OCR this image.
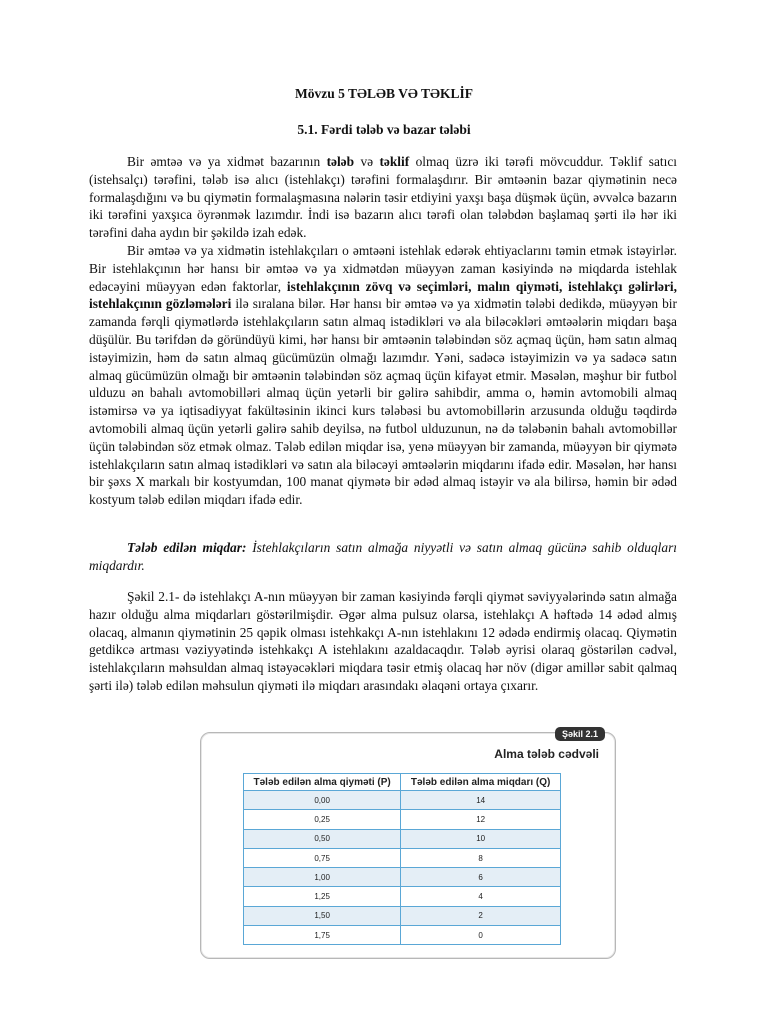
Mövzu 5 TƏLƏB VƏ TƏKLİF
5.1. Fərdi tələb və bazar tələbi

Bir əmtəə və ya xidmət bazarının tələb və təklif olmaq üzrə iki tərəfi mövcuddur. Təklif satıcı (istehsalçı) tərəfini, tələb isə alıcı (istehlakçı) tərəfini formalaşdırır. Bir əmtəənin bazar qiymətinin necə formalaşdığını və bu qiymətin formalaşmasına nələrin təsir etdiyini yaxşı başa düşmək üçün, əvvəlcə bazarın iki tərəfini yaxşıca öyrənmək lazımdır. İndi isə bazarın alıcı tərəfi olan tələbdən başlamaq şərti ilə hər iki tərəfini daha aydın bir şəkildə izah edək.

Bir əmtəə və ya xidmətin istehlakçıları o əmtəəni istehlak edərək ehtiyaclarını təmin etmək istəyirlər. Bir istehlakçının hər hansı bir əmtəə və ya xidmətdən müəyyən zaman kəsiyində nə miqdarda istehlak edəcəyini müəyyən edən faktorlar, istehlakçının zövq və seçimləri, malın qiyməti, istehlakçı gəlirləri, istehlakçının gözləmələri ilə sıralana bilər. Hər hansı bir əmtəə və ya xidmətin tələbi dedikdə, müəyyən bir zamanda fərqli qiymətlərdə istehlakçıların satın almaq istədikləri və ala biləcəkləri əmtəələrin miqdarı başa düşülür. Bu tərifdən də göründüyü kimi, hər hansı bir əmtəənin tələbindən söz açmaq üçün, həm satın almaq istəyimizin, həm də satın almaq gücümüzün olmağı lazımdır. Yəni, sadəcə istəyimizin və ya sadəcə satın almaq gücümüzün olmağı bir əmtəənin tələbindən söz açmaq üçün kifayət etmir. Məsələn, məşhur bir futbol ulduzu ən bahalı avtomobilləri almaq üçün yetərli bir gəlirə sahibdir, amma o, həmin avtomobili almaq istəmirsə və ya iqtisadiyyat fakültəsinin ikinci kurs tələbəsi bu avtomobillərin arzusunda olduğu təqdirdə avtomobili almaq üçün yetərli gəlirə sahib deyilsə, nə futbol ulduzunun, nə də tələbənin bahalı avtomobillər üçün tələbindən söz etmək olmaz. Tələb edilən miqdar isə, yenə müəyyən bir zamanda, müəyyən bir qiymətə istehlakçıların satın almaq istədikləri və satın ala biləcəyi əmtəələrin miqdarını ifadə edir. Məsələn, hər hansı bir şəxs X markalı bir kostyumdan, 100 manat qiymətə bir ədəd almaq istəyir və ala bilirsə, həmin bir ədəd kostyum tələb edilən miqdarı ifadə edir.

Tələb edilən miqdar: İstehlakçıların satın almağa niyyətli və satın almaq gücünə sahib olduqları miqdardır.

Şəkil 2.1- də istehlakçı A-nın müəyyən bir zaman kəsiyində fərqli qiymət səviyyələrində satın almağa hazır olduğu alma miqdarları göstərilmişdir. Əgər alma pulsuz olarsa, istehlakçı A həftədə 14 ədəd almış olacaq, almanın qiymətinin 25 qəpik olması istehkakçı A-nın istehlakını 12 ədədə endirmiş olacaq. Qiymətin getdikcə artması vəziyyətində istehkakçı A istehlakını azaldacaqdır. Tələb əyrisi olaraq göstərilən cədvəl, istehlakçıların məhsuldan almaq istəyəcəkləri miqdara təsir etmiş olacaq hər növ (digər amillər sabit qalmaq şərti ilə) tələb edilən məhsulun qiyməti ilə miqdarı arasındakı əlaqəni ortaya çıxarır.

Şəkil 2.1
Alma tələb cədvəli
Tələb edilən alma qiyməti (P)	Tələb edilən alma miqdarı (Q)
0,00	14
0,25	12
0,50	10
0,75	8
1,00	6
1,25	4
1,50	2
1,75	0
